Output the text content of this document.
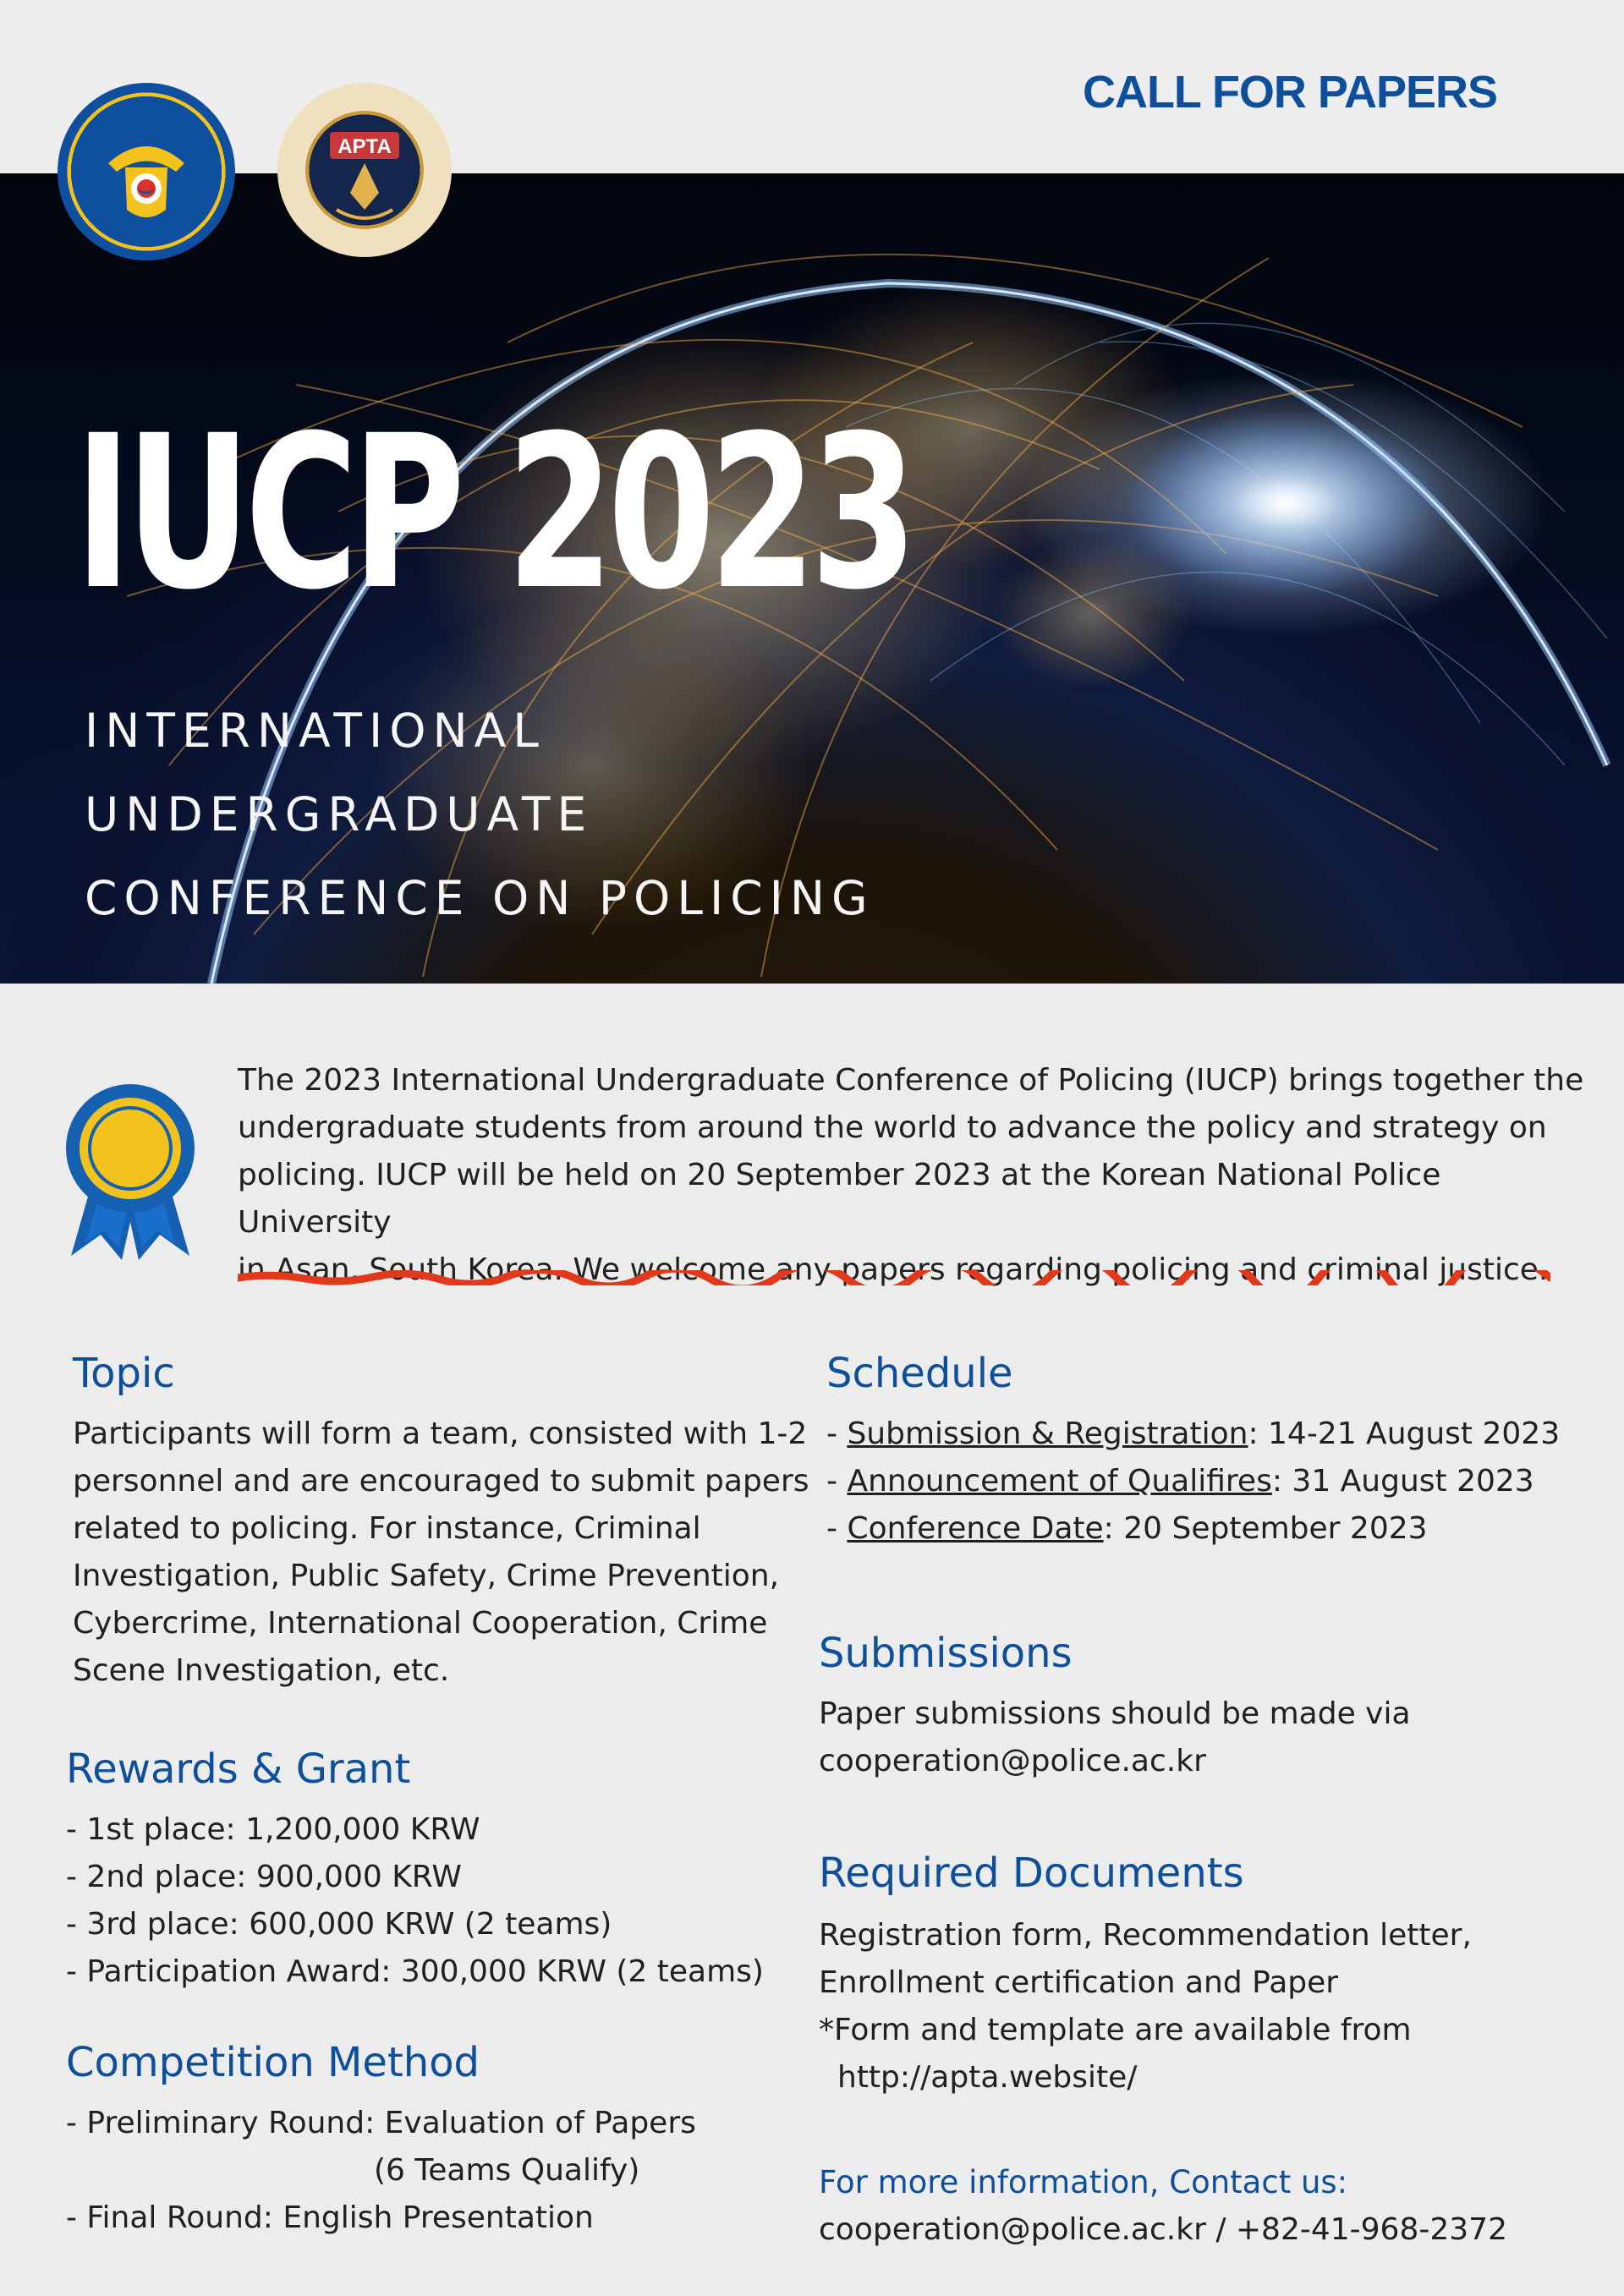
CALL FOR PAPERS
IUCP 2023
INTERNATIONAL
UNDERGRADUATE
CONFERENCE ON POLICING
APTA

The 2023 International Undergraduate Conference of Policing (IUCP) brings together the

undergraduate students from around the world to advance the policy and strategy on

policing. IUCP will be held on 20 September 2023 at the Korean National Police University

in Asan, South Korea. We welcome any papers regarding policing and criminal justice.

Topic
Participants will form a team, consisted with 1-2
personnel and are encouraged to submit papers
related to policing. For instance, Criminal
Investigation, Public Safety, Crime Prevention,
Cybercrime, International Cooperation, Crime
Scene Investigation, etc.
Rewards & Grant
- 1st place: 1,200,000 KRW
- 2nd place: 900,000 KRW
- 3rd place: 600,000 KRW (2 teams)
- Participation Award: 300,000 KRW (2 teams)
Competition Method
- Preliminary Round: Evaluation of Papers
(6 Teams Qualify)
- Final Round: English Presentation
Schedule
- Submission & Registration: 14-21 August 2023
- Announcement of Qualifires: 31 August 2023
- Conference Date: 20 September 2023
Submissions
Paper submissions should be made via
cooperation@police.ac.kr
Required Documents
Registration form, Recommendation letter,
Enrollment certification and Paper
*Form and template are available from
http://apta.website/
For more information, Contact us:
cooperation@police.ac.kr / +82-41-968-2372
